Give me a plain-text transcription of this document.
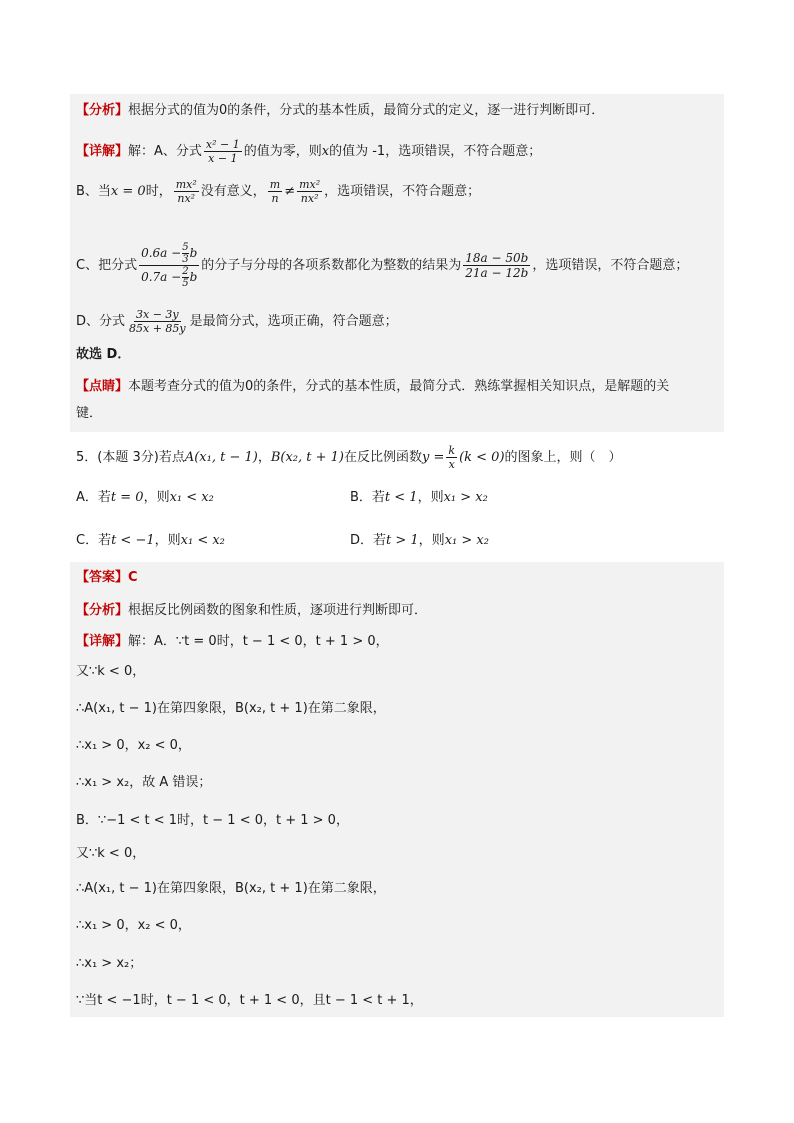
【分析】根据分式的值为0的条件，分式的基本性质，最简分式的定义，逐一进行判断即可．
【详解】解：A、分式 $\frac{\text{x² − 1}}{x - 1}$ 的值为零，则x的值为 -1，选项错误，不符合题意；
B、当x = 0时， $\frac{\text{mx²}}{\text{nx²}}$ 没有意义， $\frac{m}{n} \ne \frac{\text{mx²}}{\text{nx²}}$ ，选项错误，不符合题意；
C、把分式 $\frac{0.6a - \frac{5}{3} b}{0.7a - \frac{2}{5} b}$ 的分子与分母的各项系数都化为整数的结果为 $\frac{18a - 50b}{21a - 12b}$ ，选项错误，不符合题意；
D、分式 $\frac{3x - 3y}{85x + 85y}$ 是最简分式，选项正确，符合题意；
故选 D．
【点睛】本题考查分式的值为0的条件，分式的基本性质，最简分式．熟练掌握相关知识点，是解题的关
键．
5．(本题 3分)若点A(x₁, t − 1)，B(x₂, t + 1)在反比例函数$y = \frac{k}{x} (k < 0)$的图象上，则（　）
A．若t = 0，则x₁ < x₂	B．若t < 1，则x₁ > x₂
C．若t < −1，则x₁ < x₂	D．若t > 1，则x₁ > x₂
【答案】C
【分析】根据反比例函数的图象和性质，逐项进行判断即可．
【详解】解：A．∵t = 0时，t − 1 < 0，t + 1 > 0，
又∵k < 0，
∴A(x₁, t − 1)在第四象限，B(x₂, t + 1)在第二象限，
∴x₁ > 0，x₂ < 0，
∴x₁ > x₂，故 A 错误；
B．∵−1 < t < 1时，t − 1 < 0，t + 1 > 0，
又∵k < 0，
∴A(x₁, t − 1)在第四象限，B(x₂, t + 1)在第二象限，
∴x₁ > 0，x₂ < 0，
∴x₁ > x₂；
∵当t < −1时，t − 1 < 0，t + 1 < 0，且t − 1 < t + 1，
